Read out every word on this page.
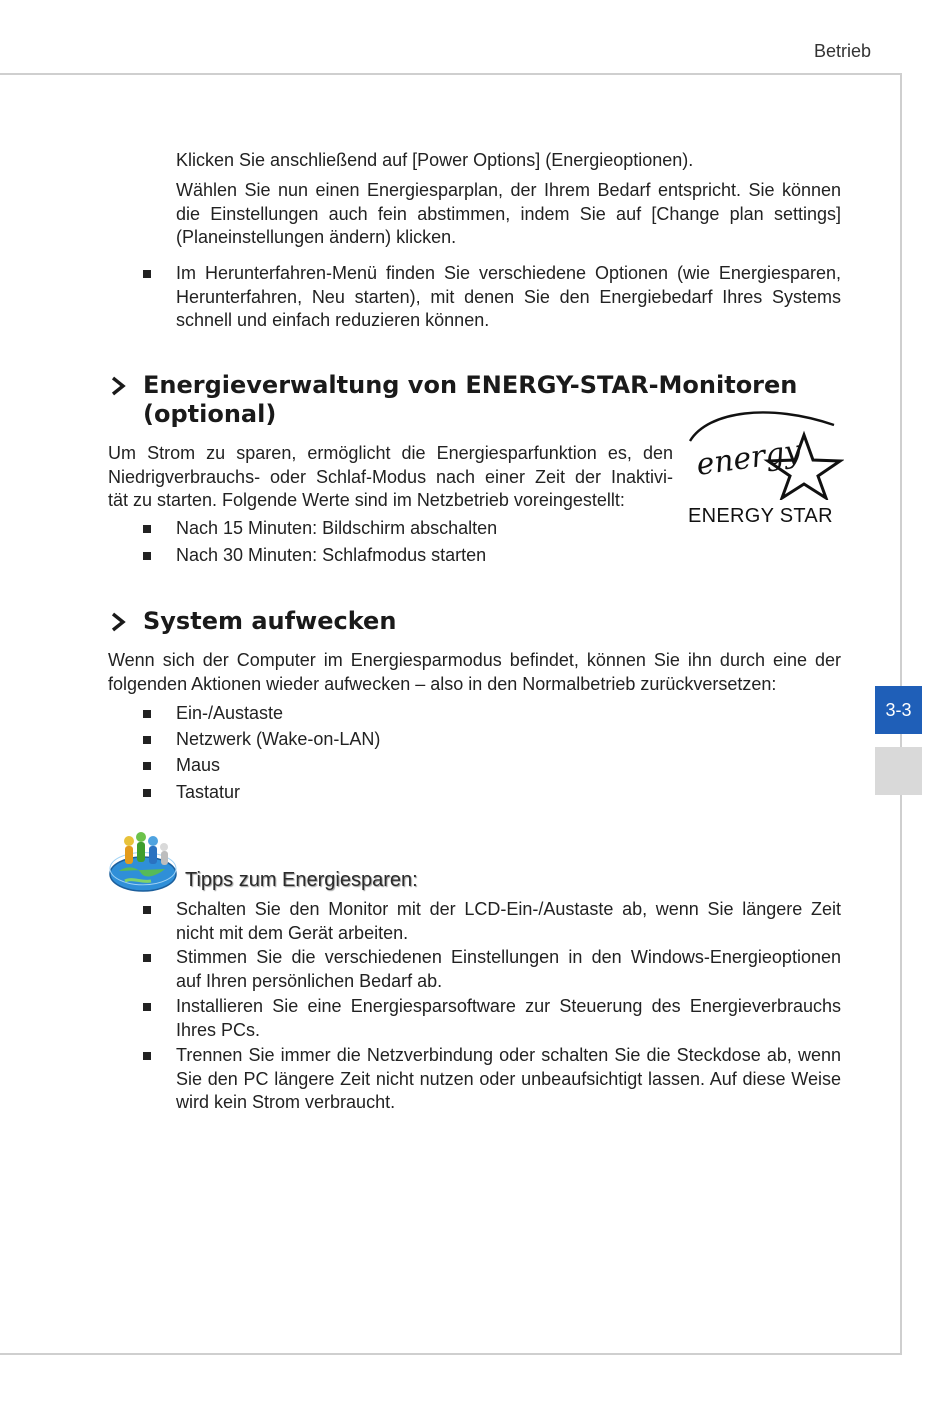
Betrieb
3-3
Klicken Sie anschließend auf [Power Options] (Energieoptionen).
Wählen Sie nun einen Energiesparplan, der Ihrem Bedarf entspricht. Sie können die Einstellungen auch fein abstimmen, indem Sie auf [Change plan settings] (Planeinstellungen ändern) klicken.
Im Herunterfahren-Menü finden Sie verschiedene Optionen (wie Energiesparen, Herunterfahren, Neu starten), mit denen Sie den Energiebedarf Ihres Systems schnell und einfach reduzieren können.
Energieverwaltung von ENERGY-STAR-Monitoren
(optional)
Um Strom zu sparen, ermöglicht die Energiesparfunktion es, den
Niedrigverbrauchs- oder Schlaf-Modus nach einer Zeit der Inaktivi-
tät zu starten. Folgende Werte sind im Netzbetrieb voreingestellt:
Nach 15 Minuten: Bildschirm abschalten
Nach 30 Minuten: Schlafmodus starten
energy
ENERGY STAR
System aufwecken
Wenn sich der Computer im Energiesparmodus befindet, können Sie ihn durch eine der folgenden Aktionen wieder aufwecken – also in den Normalbetrieb zurückversetzen:
Ein-/Austaste
Netzwerk (Wake-on-LAN)
Maus
Tastatur
Tipps zum Energiesparen:
Schalten Sie den Monitor mit der LCD-Ein-/Austaste ab, wenn Sie längere Zeit nicht mit dem Gerät arbeiten.
Stimmen Sie die verschiedenen Einstellungen in den Windows-Energieoptionen auf Ihren persönlichen Bedarf ab.
Installieren Sie eine Energiesparsoftware zur Steuerung des Energieverbrauchs Ihres PCs.
Trennen Sie immer die Netzverbindung oder schalten Sie die Steckdose ab, wenn Sie den PC längere Zeit nicht nutzen oder unbeaufsichtigt lassen. Auf diese Weise wird kein Strom verbraucht.
